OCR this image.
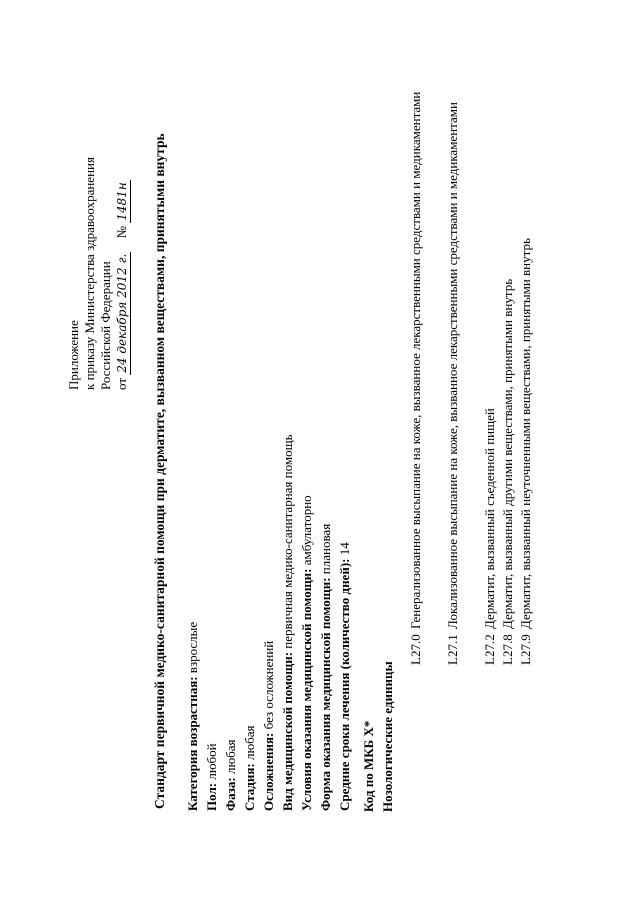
Приложение к приказу Министерства здравоохранения Российской Федерации от 24 декабря 2012 г. № 1481н Стандарт первичной медико-санитарной помощи при дерматите, вызванном веществами, принятыми внутрь Категория возрастная: взрослые
Пол: любой
Фаза: любая
Стадия: любая Осложнения: без осложнений Вид медицинской помощи: первичная медико-санитарная помощь
Условия оказания медицинской помощи: амбулаторно
Форма оказания медицинской помощи: плановая
Средние сроки лечения (количество дней): 14
Код по МКБ X* Нозологические единицы
L27.0
Генерализованное высыпание на коже, вызванное лекарственными средствами и медикаментами
L27.1
Локализованное высыпание на коже, вызванное лекарственными средствами и медикаментами
L27.2
Дерматит, вызванный съеденной пищей
L27.8
Дерматит, вызванный другими веществами, принятыми внутрь
L27.9
Дерматит, вызванный неуточненными веществами, принятыми внутрь
